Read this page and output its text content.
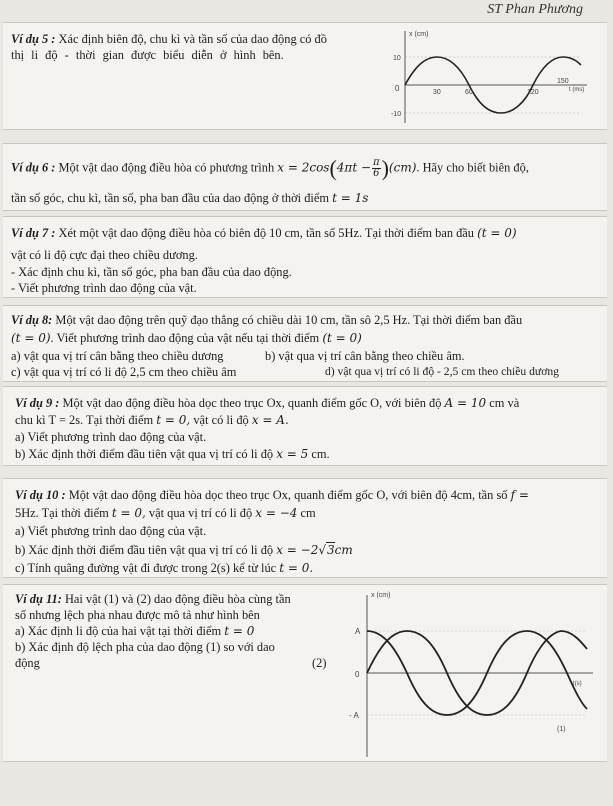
ST Phan Phương
Ví dụ 5 : Xác định biên độ, chu kì và tần số của dao động có đồ
thị li độ - thời gian được biểu diễn ở hình bên.
x (cm)
10
-10
0	30	60	120
150
t (ms)
Ví dụ 6 : Một vật dao động điều hòa có phương trình $x = 2\cos(4\pi t - \frac{\pi}{6} )(cm)$. Hãy cho biết biên độ,
tần số góc, chu kì, tần số, pha ban đầu của dao động ở thời điểm t = 1s
Ví dụ 7 : Xét một vật dao động điều hòa có biên độ 10 cm, tần số 5Hz. Tại thời điểm ban đầu (t = 0)
vật có li độ cực đại theo chiều dương.
- Xác định chu kì, tần số góc, pha ban đầu của dao động.
- Viết phương trình dao động của vật.
Ví dụ 8: Một vật dao động trên quỹ đạo thẳng có chiều dài 10 cm, tần sô 2,5 Hz. Tại thời điểm ban đầu
(t = 0). Viết phương trình dao động của vật nếu tại thời điểm (t = 0)
a) vật qua vị trí cân bằng theo chiều dương	b) vật qua vị trí cân bằng theo chiều âm.
c) vật qua vị trí có li độ 2,5 cm theo chiều âm	d) vật qua vị trí có li độ - 2,5 cm theo chiều dương
Ví dụ 9 : Một vật dao động điều hòa dọc theo trục Ox, quanh điểm gốc O, với biên độ A = 10 cm và
chu kì T = 2s. Tại thời điểm t = 0, vật có li độ x = A.
a) Viết phương trình dao động của vật.
b) Xác định thời điểm đầu tiên vật qua vị trí có li độ x = 5 cm.
Ví dụ 10 : Một vật dao động điều hòa dọc theo trục Ox, quanh điểm gốc O, với biên độ 4cm, tần số f =
5Hz. Tại thời điểm t = 0, vật qua vị trí có li độ x = −4 cm
a) Viết phương trình dao động của vật.
b) Xác định thời điểm đầu tiên vật qua vị trí có li độ x = −2√3cm
c) Tính quãng đường vật đi được trong 2(s) kể từ lúc t = 0.
Ví dụ 11: Hai vật (1) và (2) dao động điều hòa cùng tần
số nhưng lệch pha nhau được mô tả như hình bên
a) Xác định li độ của hai vật tại thời điểm t = 0
b) Xác định độ lệch pha của dao động (1) so với dao
động	(2)
x (cm)
A
- A
0
t(s)
(1)
